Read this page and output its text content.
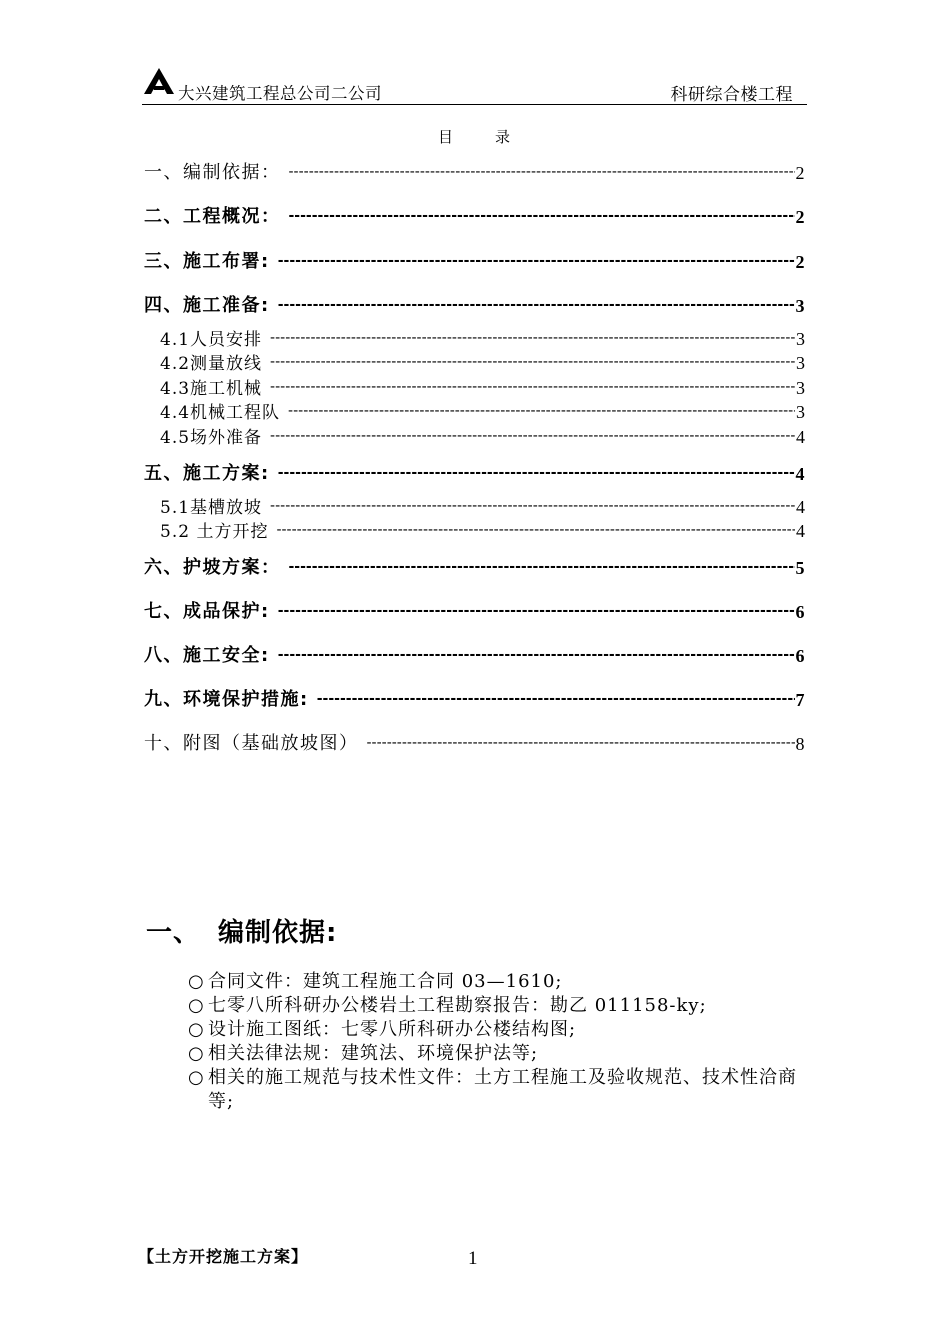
大兴建筑工程总公司二公司	科研综合楼工程
目	录
一、编制依据： -----	2
二、工程概况： -----	2
三、施工布署: -----	2
四、施工准备: -----	3
4.1人员安排 -----	3
4.2测量放线 -----	3
4.3施工机械 -----	3
4.4机械工程队 -----	3
4.5场外准备 -----	4
五、施工方案: -----	4
5.1基槽放坡 -----	4
5.2 土方开挖 -----	4
六、护坡方案： -----	5
七、成品保护: -----	6
八、施工安全: -----	6
九、环境保护措施: -----	7
十、附图（基础放坡图） -----	8
一、 编制依据:

○ 合同文件：建筑工程施工合同 03—1610;

○ 七零八所科研办公楼岩土工程勘察报告：勘乙 011158-ky;

○ 设计施工图纸：七零八所科研办公楼结构图;

○ 相关法律法规：建筑法、环境保护法等;

○ 相关的施工规范与技术性文件：土方工程施工及验收规范、技术性洽商等;

【土方开挖施工方案】	1
